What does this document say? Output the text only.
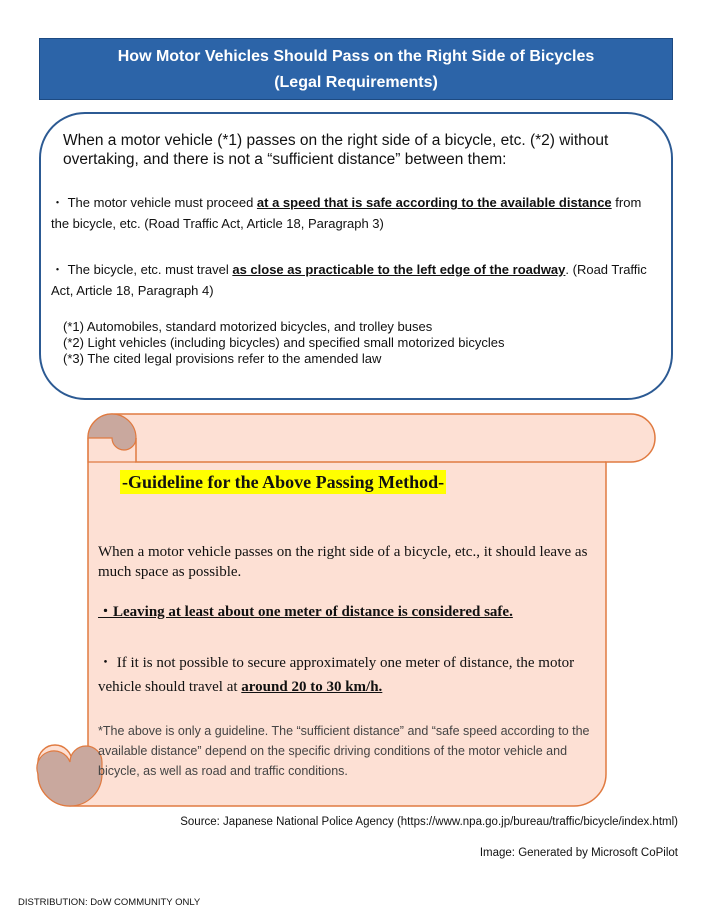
How Motor Vehicles Should Pass on the Right Side of Bicycles
(Legal Requirements)

When a motor vehicle (*1) passes on the right side of a bicycle, etc. (*2) without overtaking, and there is not a “sufficient distance” between them:

・ The motor vehicle must proceed at a speed that is safe according to the available distance from the bicycle, etc. (Road Traffic Act, Article 18, Paragraph 3)

・ The bicycle, etc. must travel as close as practicable to the left edge of the roadway. (Road Traffic Act, Article 18, Paragraph 4)

(*1) Automobiles, standard motorized bicycles, and trolley buses
(*2) Light vehicles (including bicycles) and specified small motorized bicycles
(*3) The cited legal provisions refer to the amended law
-Guideline for the Above Passing Method-

When a motor vehicle passes on the right side of a bicycle, etc., it should leave as much space as possible.

・Leaving at least about one meter of distance is considered safe.

・ If it is not possible to secure approximately one meter of distance, the motor vehicle should travel at around 20 to 30 km/h.

*The above is only a guideline. The “sufficient distance” and “safe speed according to the available distance” depend on the specific driving conditions of the motor vehicle and bicycle, as well as road and traffic conditions.

Source: Japanese National Police Agency (https://www.npa.go.jp/bureau/traffic/bicycle/index.html)
Image: Generated by Microsoft CoPilot
DISTRIBUTION: DoW COMMUNITY ONLY
